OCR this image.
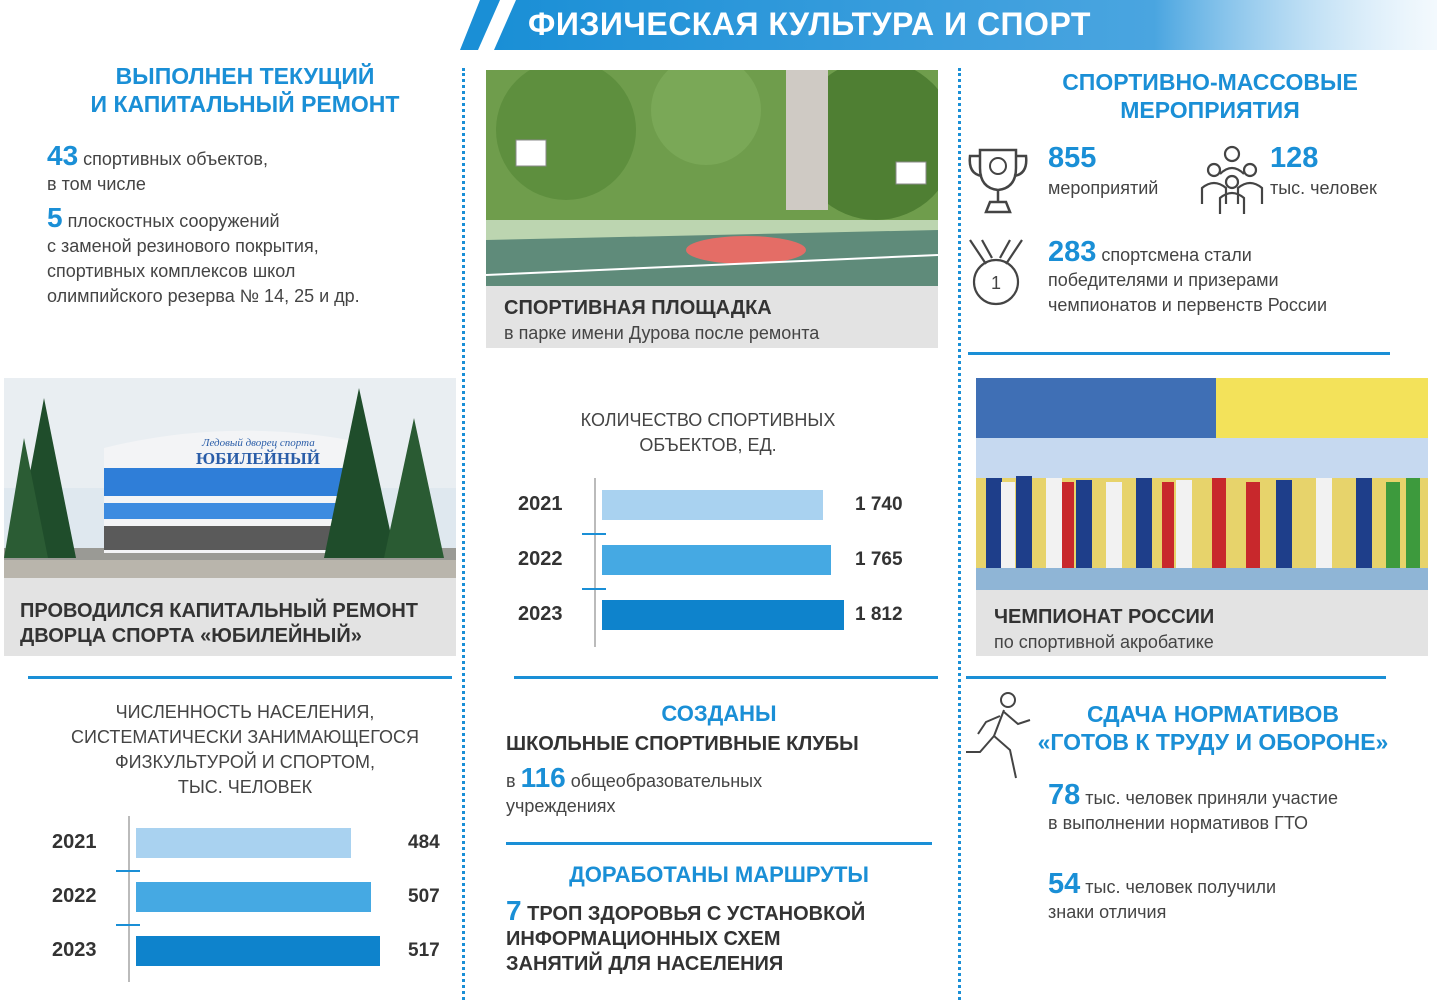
ФИЗИЧЕСКАЯ КУЛЬТУРА И СПОРТ
ВЫПОЛНЕН ТЕКУЩИЙ
И КАПИТАЛЬНЫЙ РЕМОНТ
43 спортивных объектов,
в том числе
5 плоскостных сооружений
с заменой резинового покрытия,
спортивных комплексов школ
олимпийского резерва № 14, 25 и др.
Ледовый дворец спорта
ЮБИЛЕЙНЫЙ
ПРОВОДИЛСЯ КАПИТАЛЬНЫЙ РЕМОНТ
ДВОРЦА СПОРТА «ЮБИЛЕЙНЫЙ»
ЧИСЛЕННОСТЬ НАСЕЛЕНИЯ,
СИСТЕМАТИЧЕСКИ ЗАНИМАЮЩЕГОСЯ
ФИЗКУЛЬТУРОЙ И СПОРТОМ,
ТЫС. ЧЕЛОВЕК
СПОРТИВНАЯ ПЛОЩАДКА
в парке имени Дурова после ремонта
КОЛИЧЕСТВО СПОРТИВНЫХ
ОБЪЕКТОВ, ЕД.
СОЗДАНЫ
ШКОЛЬНЫЕ СПОРТИВНЫЕ КЛУБЫ
в 116 общеобразовательных
учреждениях
ДОРАБОТАНЫ МАРШРУТЫ
7 ТРОП ЗДОРОВЬЯ С УСТАНОВКОЙ
ИНФОРМАЦИОННЫХ СХЕМ
ЗАНЯТИЙ ДЛЯ НАСЕЛЕНИЯ
СПОРТИВНО-МАССОВЫЕ
МЕРОПРИЯТИЯ
855
мероприятий
128
тыс. человек
1
283 спортсмена стали
победителями и призерами
чемпионатов и первенств России
ЧЕМПИОНАТ РОССИИ
по спортивной акробатике
СДАЧА НОРМАТИВОВ
«ГОТОВ К ТРУДУ И ОБОРОНЕ»
78 тыс. человек приняли участие
в выполнении нормативов ГТО
54 тыс. человек получили
знаки отличия
2021	1 740
2022	1 765
2023	1 812
2021	484
2022	507
2023	517
